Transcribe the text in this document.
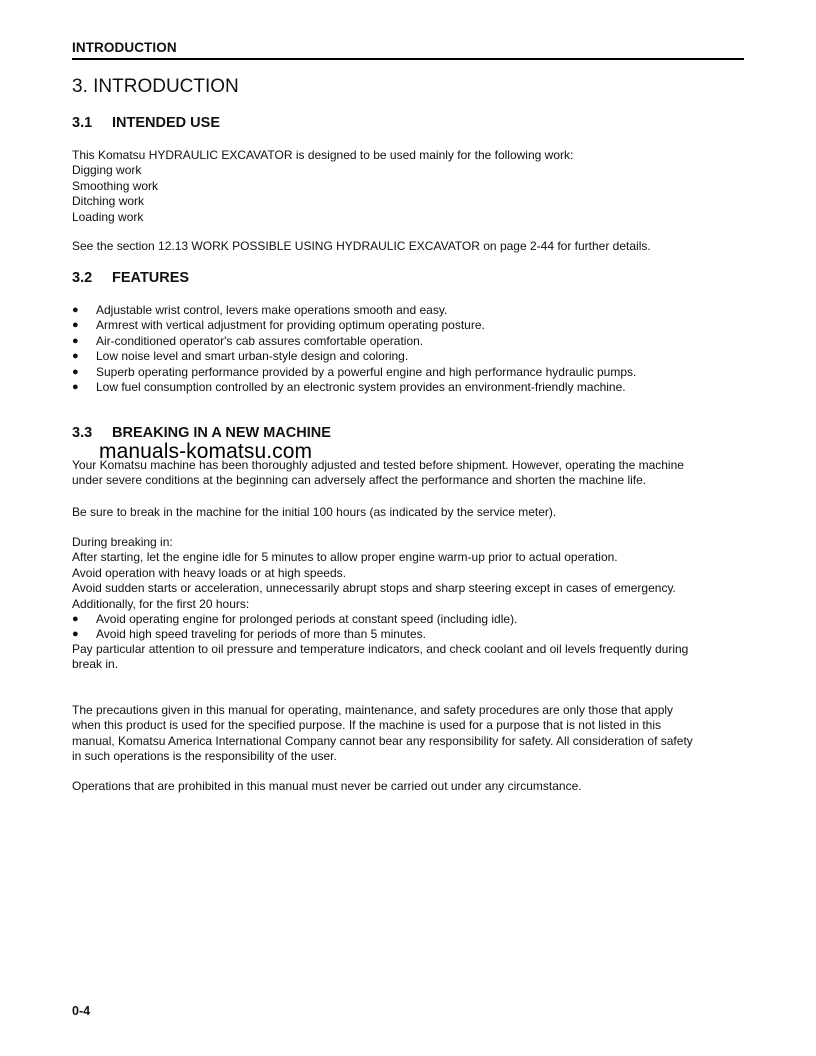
INTRODUCTION
3. INTRODUCTION
3.1 INTENDED USE
This Komatsu HYDRAULIC EXCAVATOR is designed to be used mainly for the following work:
Digging work
Smoothing work
Ditching work
Loading work
See the section 12.13 WORK POSSIBLE USING HYDRAULIC EXCAVATOR on page 2-44 for further details.
3.2 FEATURES
● Adjustable wrist control, levers make operations smooth and easy.
● Armrest with vertical adjustment for providing optimum operating posture.
● Air-conditioned operator's cab assures comfortable operation.
● Low noise level and smart urban-style design and coloring.
● Superb operating performance provided by a powerful engine and high performance hydraulic pumps.
● Low fuel consumption controlled by an electronic system provides an environment-friendly machine.
3.3 BREAKING IN A NEW MACHINE
manuals-komatsu.com
Your Komatsu machine has been thoroughly adjusted and tested before shipment. However, operating the machine
under severe conditions at the beginning can adversely affect the performance and shorten the machine life.
Be sure to break in the machine for the initial 100 hours (as indicated by the service meter).
During breaking in:
After starting, let the engine idle for 5 minutes to allow proper engine warm-up prior to actual operation.
Avoid operation with heavy loads or at high speeds.
Avoid sudden starts or acceleration, unnecessarily abrupt stops and sharp steering except in cases of emergency.
Additionally, for the first 20 hours:
● Avoid operating engine for prolonged periods at constant speed (including idle).
● Avoid high speed traveling for periods of more than 5 minutes.
Pay particular attention to oil pressure and temperature indicators, and check coolant and oil levels frequently during
break in.
The precautions given in this manual for operating, maintenance, and safety procedures are only those that apply
when this product is used for the specified purpose. If the machine is used for a purpose that is not listed in this
manual, Komatsu America International Company cannot bear any responsibility for safety. All consideration of safety
in such operations is the responsibility of the user.
Operations that are prohibited in this manual must never be carried out under any circumstance.
0-4
